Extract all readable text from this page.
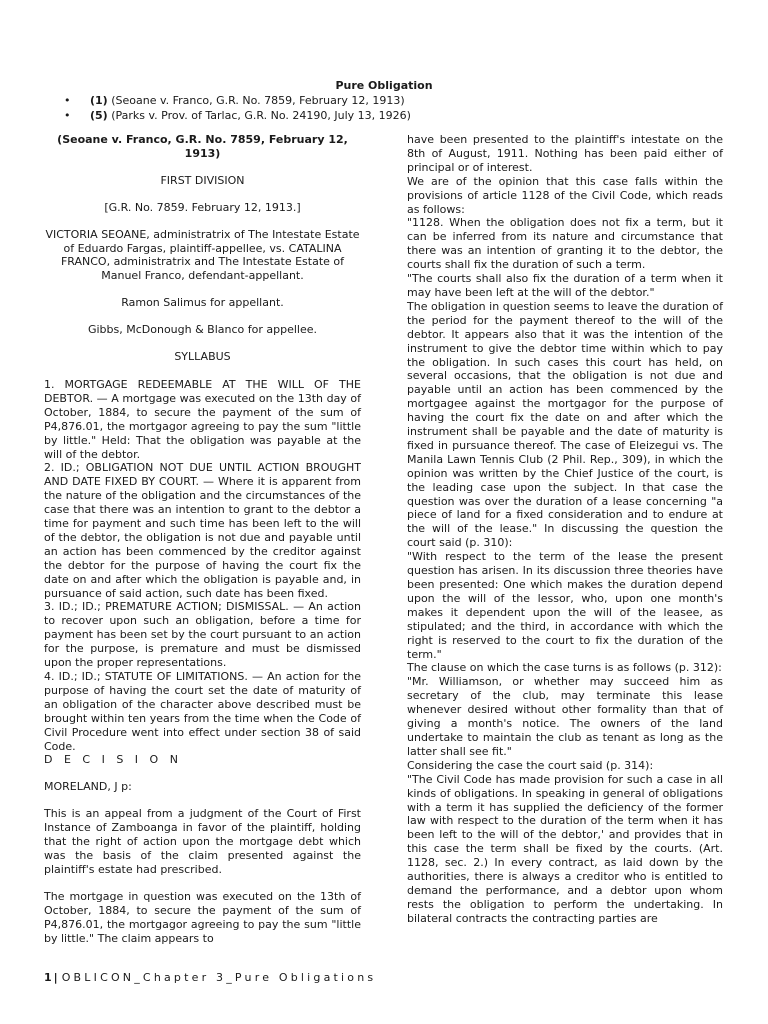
Pure Obligation
• (1) (Seoane v. Franco, G.R. No. 7859, February 12, 1913)
• (5) (Parks v. Prov. of Tarlac, G.R. No. 24190, July 13, 1926)

(Seoane v. Franco, G.R. No. 7859, February 12, 1913)

FIRST DIVISION

[G.R. No. 7859. February 12, 1913.]

VICTORIA SEOANE, administratrix of The Intestate Estate of Eduardo Fargas, plaintiff-appellee, vs. CATALINA FRANCO, administratrix and The Intestate Estate of Manuel Franco, defendant-appellant.

Ramon Salimus for appellant.

Gibbs, McDonough & Blanco for appellee.

SYLLABUS

1. MORTGAGE REDEEMABLE AT THE WILL OF THE DEBTOR. — A mortgage was executed on the 13th day of October, 1884, to secure the payment of the sum of P4,876.01, the mortgagor agreeing to pay the sum "little by little." Held: That the obligation was payable at the will of the debtor.

2. ID.; OBLIGATION NOT DUE UNTIL ACTION BROUGHT AND DATE FIXED BY COURT. — Where it is apparent from the nature of the obligation and the circumstances of the case that there was an intention to grant to the debtor a time for payment and such time has been left to the will of the debtor, the obligation is not due and payable until an action has been commenced by the creditor against the debtor for the purpose of having the court fix the date on and after which the obligation is payable and, in pursuance of said action, such date has been fixed.

3. ID.; ID.; PREMATURE ACTION; DISMISSAL. — An action to recover upon such an obligation, before a time for payment has been set by the court pursuant to an action for the purpose, is premature and must be dismissed upon the proper representations.

4. ID.; ID.; STATUTE OF LIMITATIONS. — An action for the purpose of having the court set the date of maturity of an obligation of the character above described must be brought within ten years from the time when the Code of Civil Procedure went into effect under section 38 of said Code.

D E C I S I O N

MORELAND, J p:

This is an appeal from a judgment of the Court of First Instance of Zamboanga in favor of the plaintiff, holding that the right of action upon the mortgage debt which was the basis of the claim presented against the plaintiff's estate had prescribed.

The mortgage in question was executed on the 13th of October, 1884, to secure the payment of the sum of P4,876.01, the mortgagor agreeing to pay the sum "little by little." The claim appears to

have been presented to the plaintiff's intestate on the 8th of August, 1911. Nothing has been paid either of principal or of interest.

We are of the opinion that this case falls within the provisions of article 1128 of the Civil Code, which reads as follows:

"1128. When the obligation does not fix a term, but it can be inferred from its nature and circumstance that there was an intention of granting it to the debtor, the courts shall fix the duration of such a term.

"The courts shall also fix the duration of a term when it may have been left at the will of the debtor."

The obligation in question seems to leave the duration of the period for the payment thereof to the will of the debtor. It appears also that it was the intention of the instrument to give the debtor time within which to pay the obligation. In such cases this court has held, on several occasions, that the obligation is not due and payable until an action has been commenced by the mortgagee against the mortgagor for the purpose of having the court fix the date on and after which the instrument shall be payable and the date of maturity is fixed in pursuance thereof. The case of Eleizegui vs. The Manila Lawn Tennis Club (2 Phil. Rep., 309), in which the opinion was written by the Chief Justice of the court, is the leading case upon the subject. In that case the question was over the duration of a lease concerning "a piece of land for a fixed consideration and to endure at the will of the lease." In discussing the question the court said (p. 310):

"With respect to the term of the lease the present question has arisen. In its discussion three theories have been presented: One which makes the duration depend upon the will of the lessor, who, upon one month's makes it dependent upon the will of the leasee, as stipulated; and the third, in accordance with which the right is reserved to the court to fix the duration of the term."

The clause on which the case turns is as follows (p. 312):

"Mr. Williamson, or whether may succeed him as secretary of the club, may terminate this lease whenever desired without other formality than that of giving a month's notice. The owners of the land undertake to maintain the club as tenant as long as the latter shall see fit."

Considering the case the court said (p. 314):

"The Civil Code has made provision for such a case in all kinds of obligations. In speaking in general of obligations with a term it has supplied the deficiency of the former law with respect to the duration of the term when it has been left to the will of the debtor,' and provides that in this case the term shall be fixed by the courts. (Art. 1128, sec. 2.) In every contract, as laid down by the authorities, there is always a creditor who is entitled to demand the performance, and a debtor upon whom rests the obligation to perform the undertaking. In bilateral contracts the contracting parties are

1 | OBLICON_Chapter 3_Pure Obligations
